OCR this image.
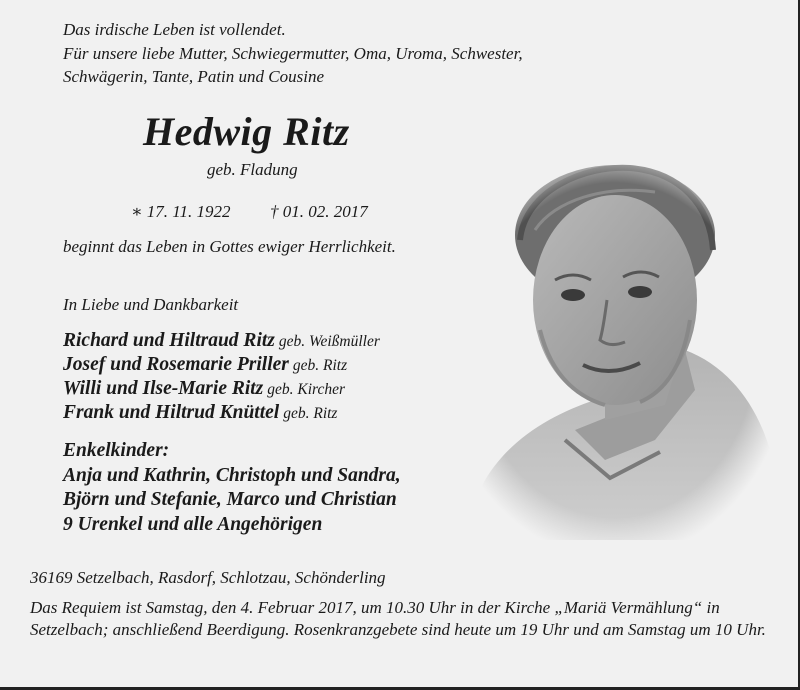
Das irdische Leben ist vollendet.
Für unsere liebe Mutter, Schwiegermutter, Oma, Uroma, Schwester,
Schwägerin, Tante, Patin und Cousine
Hedwig Ritz
geb. Fladung
∗ 17. 11. 1922 † 01. 02. 2017
beginnt das Leben in Gottes ewiger Herrlichkeit.
In Liebe und Dankbarkeit
Richard und Hiltraud Ritz geb. Weißmüller
Josef und Rosemarie Priller geb. Ritz
Willi und Ilse-Marie Ritz geb. Kircher
Frank und Hiltrud Knüttel geb. Ritz
Enkelkinder:
Anja und Kathrin, Christoph und Sandra,
Björn und Stefanie, Marco und Christian
9 Urenkel und alle Angehörigen
36169 Setzelbach, Rasdorf, Schlotzau, Schönderling
Das Requiem ist Samstag, den 4. Februar 2017, um 10.30 Uhr in der Kirche „Mariä Vermählung“ in Setzelbach; anschließend Beerdigung. Rosenkranzgebete sind heute um 19 Uhr und am Samstag um 10 Uhr.
